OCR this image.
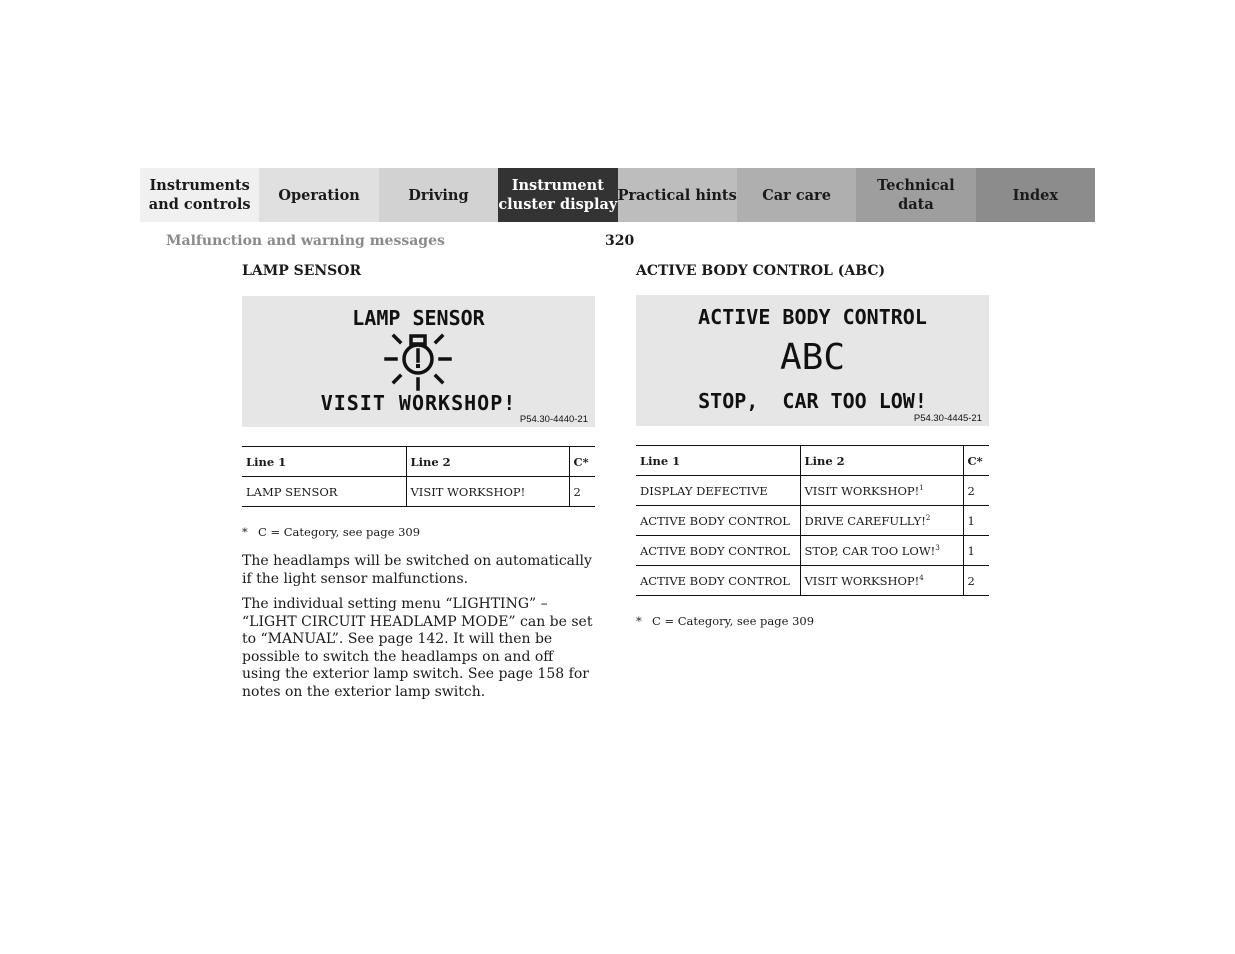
Instruments
and controls
Operation	Driving
Instrument
cluster display
Practical hints Car care
Technical
data
Index
Malfunction and warning messages	320
LAMP SENSOR
LAMP SENSOR
VISIT WORKSHOP!
P54.30-4440-21
Line 1	Line 2	C*
LAMP SENSOR	VISIT WORKSHOP!	2
* C = Category, see page 309

The headlamps will be switched on automatically if the light sensor malfunctions.

The individual setting menu “LIGHTING” – “LIGHT CIRCUIT HEADLAMP MODE” can be set to “MANUAL”. See page 142. It will then be possible to switch the headlamps on and off using the exterior lamp switch. See page 158 for notes on the exterior lamp switch.

ACTIVE BODY CONTROL (ABC)
ACTIVE BODY CONTROL
ABC
STOP,  CAR TOO LOW!
P54.30-4445-21
Line 1	Line 2	C*
DISPLAY DEFECTIVE	VISIT WORKSHOP!$^1$	2
ACTIVE BODY CONTROL	DRIVE CAREFULLY!$^2$	1
ACTIVE BODY CONTROL	STOP, CAR TOO LOW!$^3$	1
ACTIVE BODY CONTROL	VISIT WORKSHOP!$^4$	2
* C = Category, see page 309
